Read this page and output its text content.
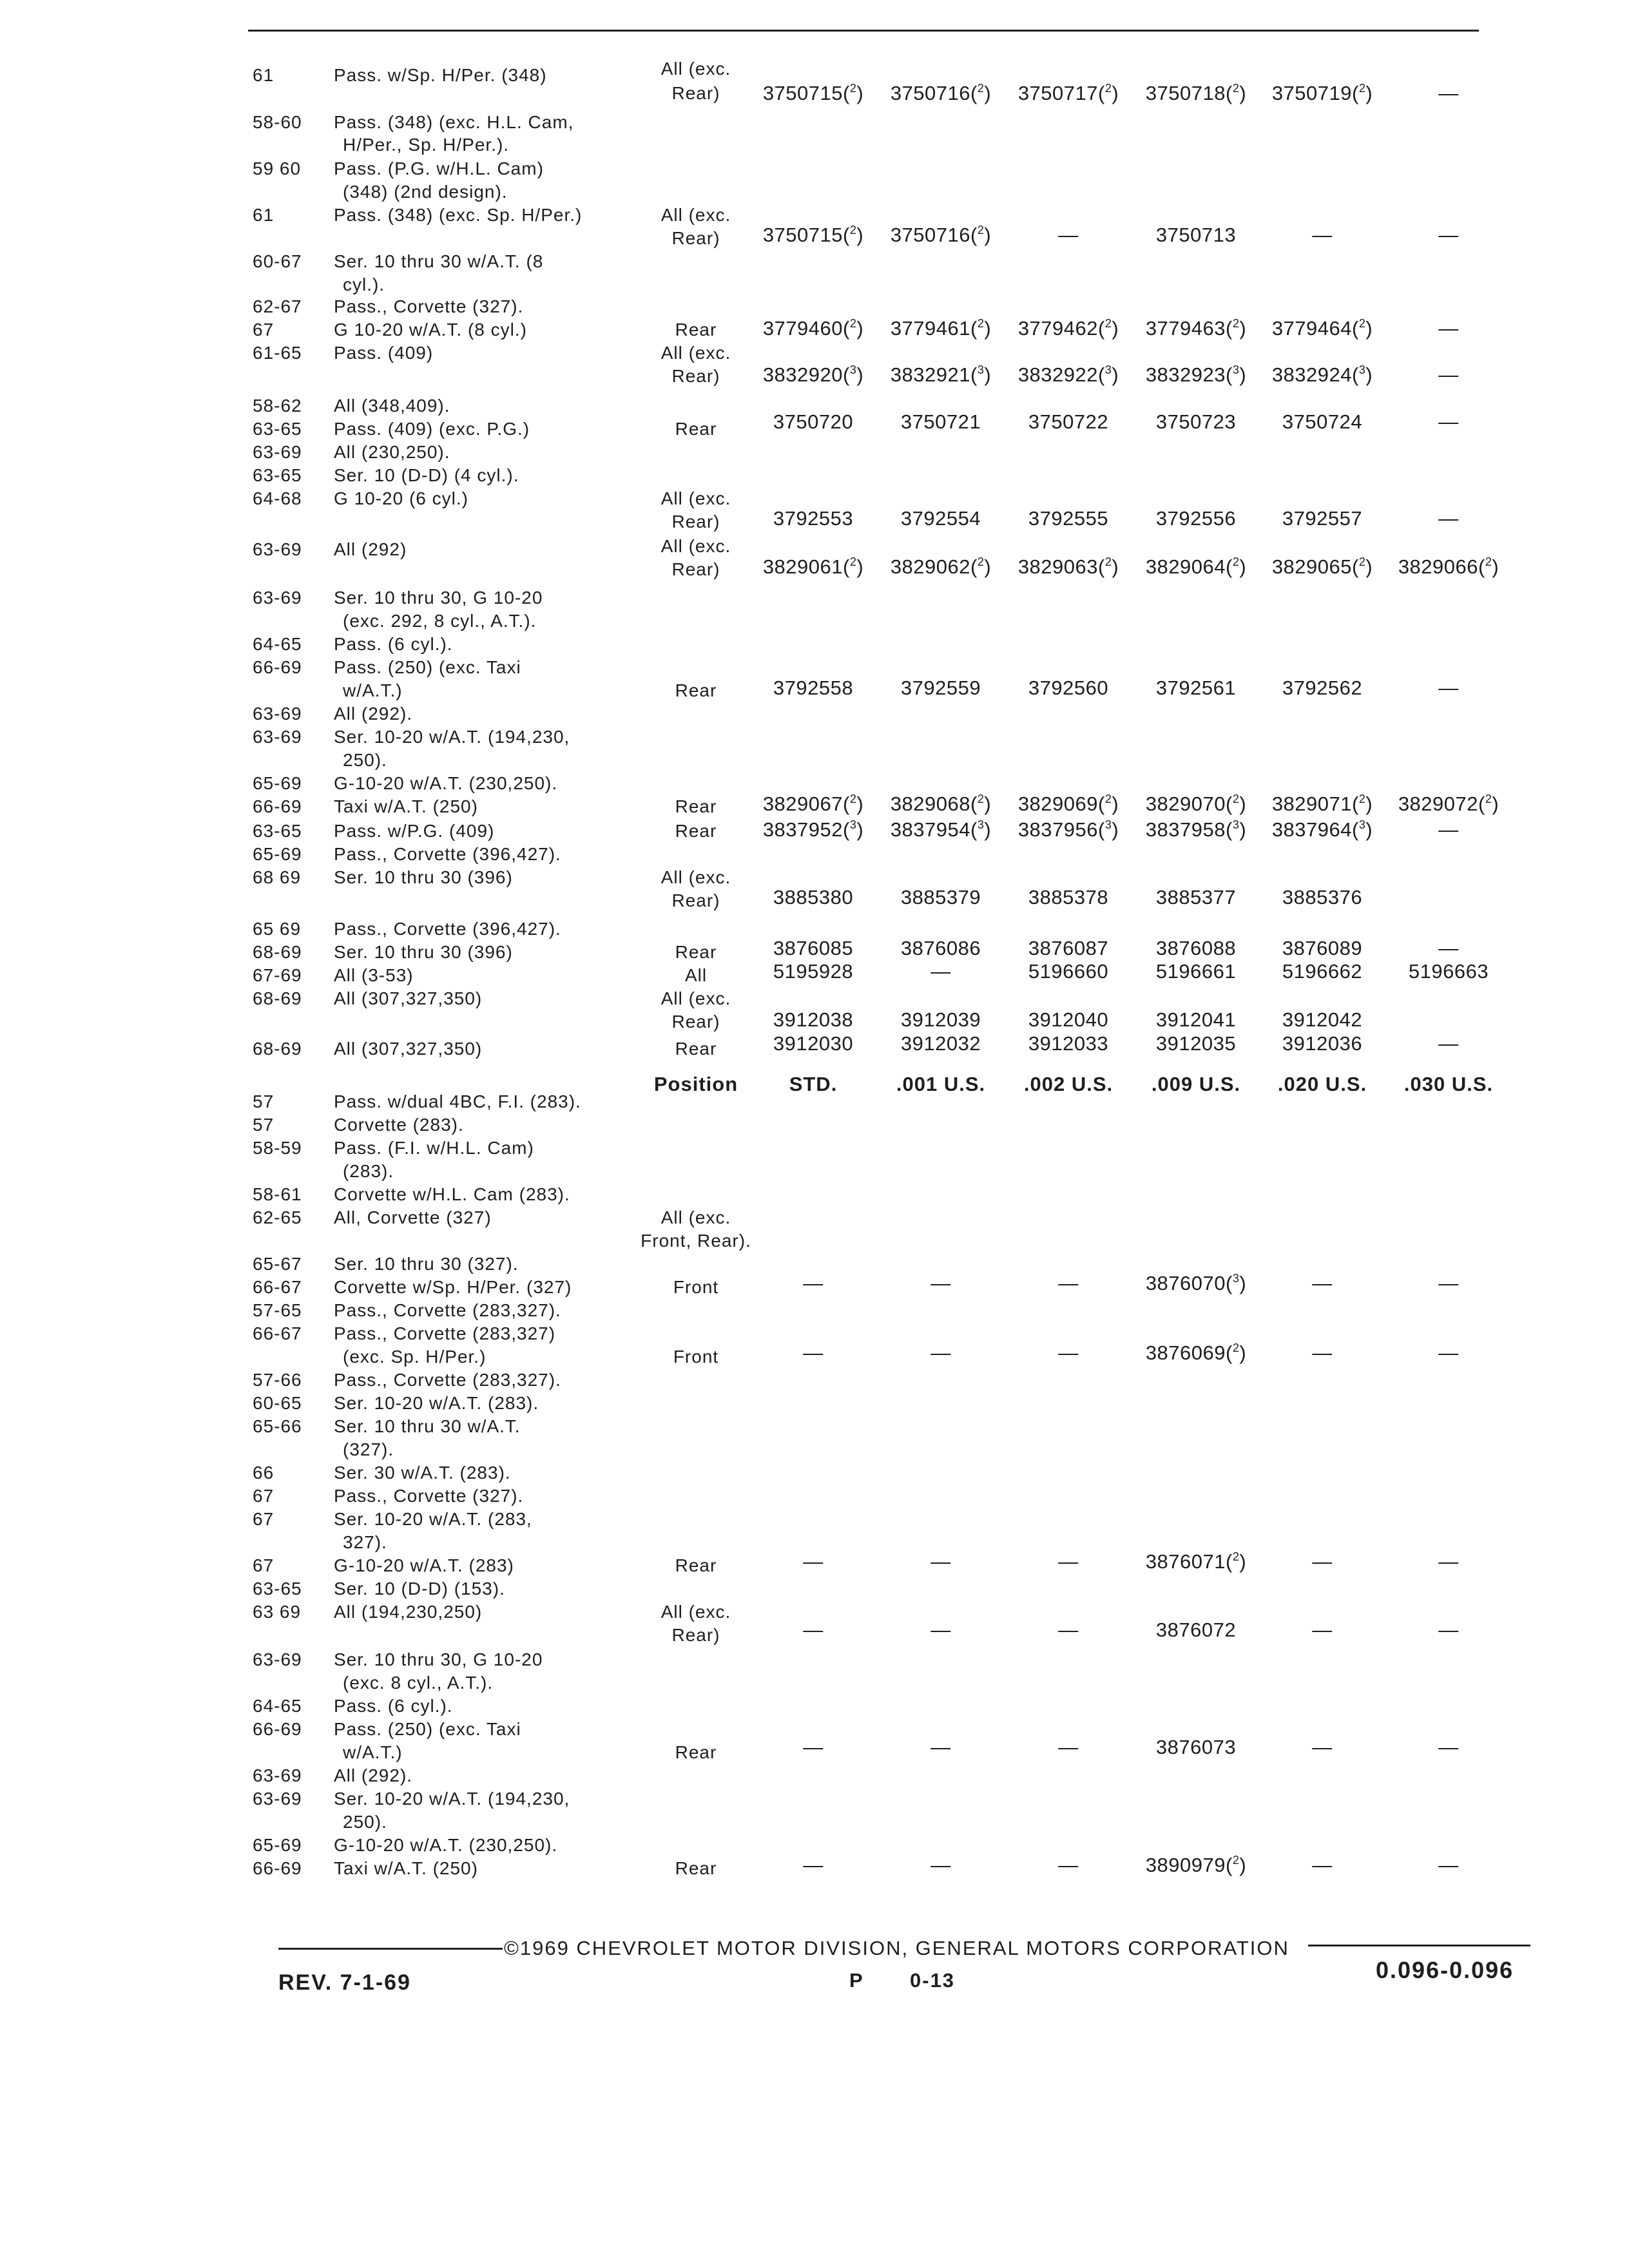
61	Pass. w/Sp. H/Per. (348)	All (exc.
Rear)	3750715($^2$)	3750716($^2$)	3750717($^2$)	3750718($^2$)	3750719($^2$)	—
58-60 Pass. (348) (exc. H.L. Cam,
H/Per., Sp. H/Per.).
59 60 Pass. (P.G. w/H.L. Cam)
(348) (2nd design).
61	Pass. (348) (exc. Sp. H/Per.)	All (exc.
Rear)	3750715($^2$)	3750716($^2$)	—	3750713	—	—
60-67 Ser. 10 thru 30 w/A.T. (8
cyl.).
62-67 Pass., Corvette (327).
67	G 10-20 w/A.T. (8 cyl.)	Rear	3779460($^2$)	3779461($^2$)	3779462($^2$)	3779463($^2$)	3779464($^2$)	—
61-65 Pass. (409)	All (exc.
Rear)	3832920($^3$)	3832921($^3$)	3832922($^3$)	3832923($^3$)	3832924($^3$)	—
58-62 All (348,409).
63-65 Pass. (409) (exc. P.G.)	Rear	3750720	3750721	3750722	3750723	3750724	—
63-69 All (230,250).
63-65 Ser. 10 (D-D) (4 cyl.).
64-68 G 10-20 (6 cyl.)	All (exc.
Rear)	3792553	3792554	3792555	3792556	3792557	—
63-69 All (292)	All (exc.
Rear)	3829061($^2$)	3829062($^2$)	3829063($^2$)	3829064($^2$)	3829065($^2$)	3829066($^2$)
63-69 Ser. 10 thru 30, G 10-20
(exc. 292, 8 cyl., A.T.).
64-65 Pass. (6 cyl.).
66-69 Pass. (250) (exc. Taxi
w/A.T.)	Rear	3792558	3792559	3792560	3792561	3792562	—
63-69 All (292).
63-69 Ser. 10-20 w/A.T. (194,230,
250).
65-69 G-10-20 w/A.T. (230,250).
66-69 Taxi w/A.T. (250)	Rear	3829067($^2$)	3829068($^2$)	3829069($^2$)	3829070($^2$)	3829071($^2$)	3829072($^2$)
63-65 Pass. w/P.G. (409)	Rear	3837952($^3$)	3837954($^3$)	3837956($^3$)	3837958($^3$)	3837964($^3$)	—
65-69 Pass., Corvette (396,427).
68 69 Ser. 10 thru 30 (396)	All (exc.
Rear)	3885380	3885379	3885378	3885377	3885376
65 69 Pass., Corvette (396,427).
68-69 Ser. 10 thru 30 (396)	Rear	3876085	3876086	3876087	3876088	3876089	—
67-69 All (3-53)	All	5195928	—	5196660	5196661	5196662	5196663
68-69 All (307,327,350)	All (exc.
Rear)	3912038	3912039	3912040	3912041	3912042
68-69 All (307,327,350)	Rear	3912030	3912032	3912033	3912035	3912036	—
Position	STD.	.001 U.S.	.002 U.S.	.009 U.S.	.020 U.S.	.030 U.S.
57	Pass. w/dual 4BC, F.I. (283).
57	Corvette (283).
58-59 Pass. (F.I. w/H.L. Cam)
(283).
58-61 Corvette w/H.L. Cam (283).
62-65 All, Corvette (327)	All (exc.
Front, Rear).
65-67 Ser. 10 thru 30 (327).
66-67 Corvette w/Sp. H/Per. (327)	Front	—	—	—	3876070($^3$)	—	—
57-65 Pass., Corvette (283,327).
66-67 Pass., Corvette (283,327)
(exc. Sp. H/Per.)	Front	—	—	—	3876069($^2$)	—	—
57-66 Pass., Corvette (283,327).
60-65 Ser. 10-20 w/A.T. (283).
65-66 Ser. 10 thru 30 w/A.T.
(327).
66	Ser. 30 w/A.T. (283).
67	Pass., Corvette (327).
67	Ser. 10-20 w/A.T. (283,
327).
67	G-10-20 w/A.T. (283)	Rear	—	—	—	3876071($^2$)	—	—
63-65 Ser. 10 (D-D) (153).
63 69 All (194,230,250)	All (exc.
Rear)	—	—	—	3876072	—	—
63-69 Ser. 10 thru 30, G 10-20
(exc. 8 cyl., A.T.).
64-65 Pass. (6 cyl.).
66-69 Pass. (250) (exc. Taxi
w/A.T.)	Rear	—	—	—	3876073	—	—
63-69 All (292).
63-69 Ser. 10-20 w/A.T. (194,230,
250).
65-69 G-10-20 w/A.T. (230,250).
66-69 Taxi w/A.T. (250)	Rear	—	—	—	3890979($^2$)	—	—
©1969 CHEVROLET MOTOR DIVISION, GENERAL MOTORS CORPORATION
REV. 7-1-69	P 0-13	0.096-0.096
